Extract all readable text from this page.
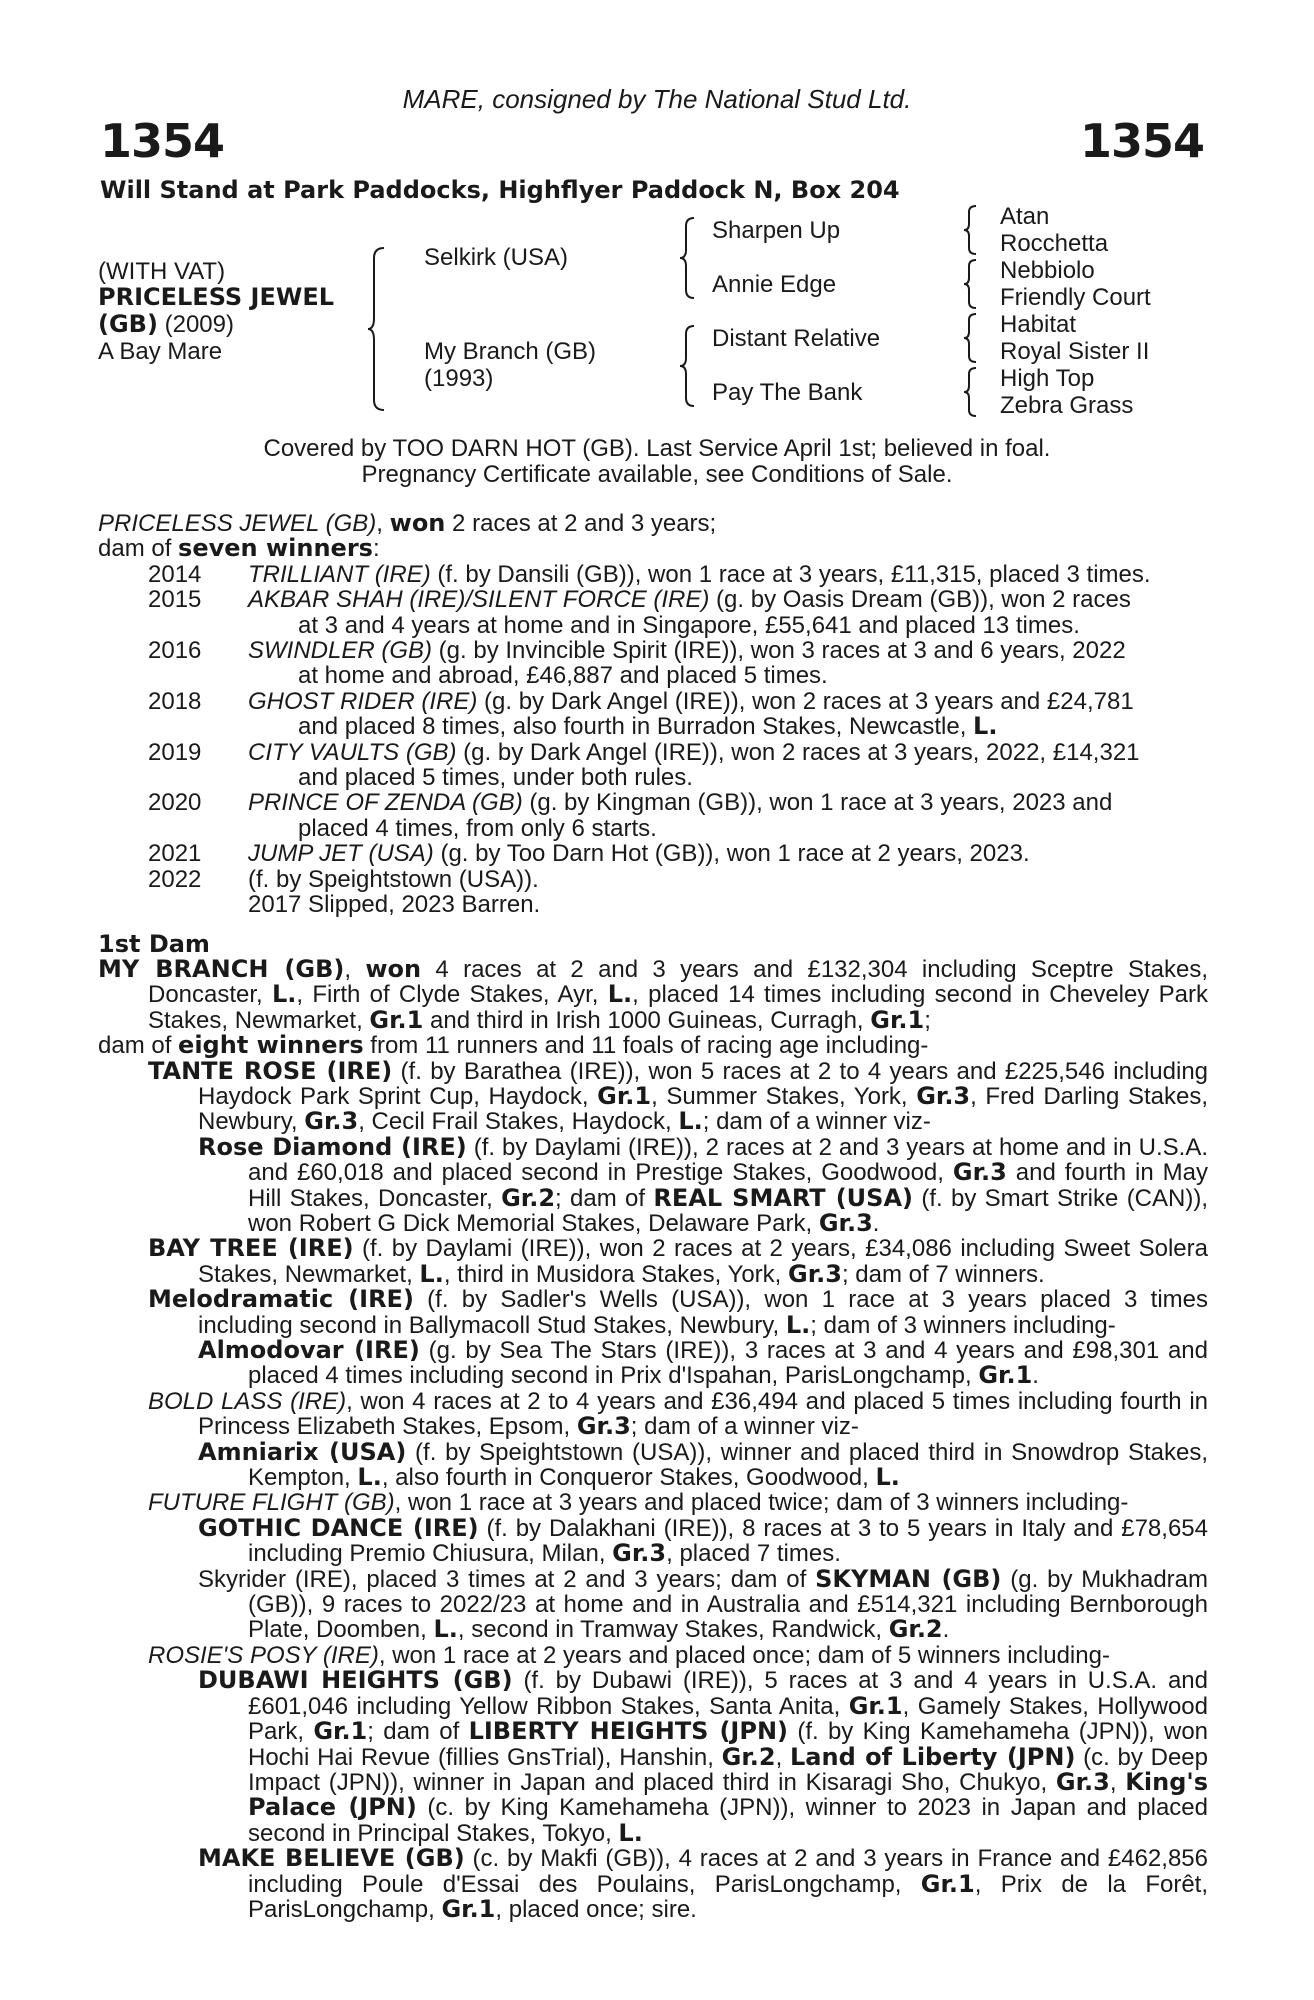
MARE, consigned by The National Stud Ltd.
1354	1354
Will Stand at Park Paddocks, Highflyer Paddock N, Box 204
(WITH VAT)
PRICELESS JEWEL
(GB) (2009)
A Bay Mare
Selkirk (USA)
My Branch (GB)
(1993)
Sharpen Up
Annie Edge
Distant Relative
Pay The Bank
Atan
Rocchetta
Nebbiolo
Friendly Court
Habitat
Royal Sister II
High Top
Zebra Grass
Covered by TOO DARN HOT (GB). Last Service April 1st; believed in foal.
Pregnancy Certificate available, see Conditions of Sale.
PRICELESS JEWEL (GB), won 2 races at 2 and 3 years;
dam of seven winners:
2014	TRILLIANT (IRE) (f. by Dansili (GB)), won 1 race at 3 years, £11,315, placed 3 times.
2015	AKBAR SHAH (IRE)/SILENT FORCE (IRE) (g. by Oasis Dream (GB)), won 2 races
at 3 and 4 years at home and in Singapore, £55,641 and placed 13 times.
2016	SWINDLER (GB) (g. by Invincible Spirit (IRE)), won 3 races at 3 and 6 years, 2022
at home and abroad, £46,887 and placed 5 times.
2018	GHOST RIDER (IRE) (g. by Dark Angel (IRE)), won 2 races at 3 years and £24,781
and placed 8 times, also fourth in Burradon Stakes, Newcastle, L.
2019	CITY VAULTS (GB) (g. by Dark Angel (IRE)), won 2 races at 3 years, 2022, £14,321
and placed 5 times, under both rules.
2020	PRINCE OF ZENDA (GB) (g. by Kingman (GB)), won 1 race at 3 years, 2023 and
placed 4 times, from only 6 starts.
2021	JUMP JET (USA) (g. by Too Darn Hot (GB)), won 1 race at 2 years, 2023.
2022	(f. by Speightstown (USA)).
2017 Slipped, 2023 Barren.
1st Dam
MY BRANCH (GB), won 4 races at 2 and 3 years and £132,304 including Sceptre Stakes, Doncaster, L., Firth of Clyde Stakes, Ayr, L., placed 14 times including second in Cheveley Park Stakes, Newmarket, Gr.1 and third in Irish 1000 Guineas, Curragh, Gr.1;
dam of eight winners from 11 runners and 11 foals of racing age including-
TANTE ROSE (IRE) (f. by Barathea (IRE)), won 5 races at 2 to 4 years and £225,546 including Haydock Park Sprint Cup, Haydock, Gr.1, Summer Stakes, York, Gr.3, Fred Darling Stakes, Newbury, Gr.3, Cecil Frail Stakes, Haydock, L.; dam of a winner viz-
Rose Diamond (IRE) (f. by Daylami (IRE)), 2 races at 2 and 3 years at home and in U.S.A. and £60,018 and placed second in Prestige Stakes, Goodwood, Gr.3 and fourth in May Hill Stakes, Doncaster, Gr.2; dam of REAL SMART (USA) (f. by Smart Strike (CAN)), won Robert G Dick Memorial Stakes, Delaware Park, Gr.3.
BAY TREE (IRE) (f. by Daylami (IRE)), won 2 races at 2 years, £34,086 including Sweet Solera Stakes, Newmarket, L., third in Musidora Stakes, York, Gr.3; dam of 7 winners.
Melodramatic (IRE) (f. by Sadler's Wells (USA)), won 1 race at 3 years placed 3 times including second in Ballymacoll Stud Stakes, Newbury, L.; dam of 3 winners including-
Almodovar (IRE) (g. by Sea The Stars (IRE)), 3 races at 3 and 4 years and £98,301 and placed 4 times including second in Prix d'Ispahan, ParisLongchamp, Gr.1.
BOLD LASS (IRE), won 4 races at 2 to 4 years and £36,494 and placed 5 times including fourth in Princess Elizabeth Stakes, Epsom, Gr.3; dam of a winner viz-
Amniarix (USA) (f. by Speightstown (USA)), winner and placed third in Snowdrop Stakes, Kempton, L., also fourth in Conqueror Stakes, Goodwood, L.
FUTURE FLIGHT (GB), won 1 race at 3 years and placed twice; dam of 3 winners including-
GOTHIC DANCE (IRE) (f. by Dalakhani (IRE)), 8 races at 3 to 5 years in Italy and £78,654 including Premio Chiusura, Milan, Gr.3, placed 7 times.
Skyrider (IRE), placed 3 times at 2 and 3 years; dam of SKYMAN (GB) (g. by Mukhadram (GB)), 9 races to 2022/23 at home and in Australia and £514,321 including Bernborough Plate, Doomben, L., second in Tramway Stakes, Randwick, Gr.2.
ROSIE'S POSY (IRE), won 1 race at 2 years and placed once; dam of 5 winners including-
DUBAWI HEIGHTS (GB) (f. by Dubawi (IRE)), 5 races at 3 and 4 years in U.S.A. and £601,046 including Yellow Ribbon Stakes, Santa Anita, Gr.1, Gamely Stakes, Hollywood Park, Gr.1; dam of LIBERTY HEIGHTS (JPN) (f. by King Kamehameha (JPN)), won Hochi Hai Revue (fillies GnsTrial), Hanshin, Gr.2, Land of Liberty (JPN) (c. by Deep Impact (JPN)), winner in Japan and placed third in Kisaragi Sho, Chukyo, Gr.3, King's Palace (JPN) (c. by King Kamehameha (JPN)), winner to 2023 in Japan and placed second in Principal Stakes, Tokyo, L.
MAKE BELIEVE (GB) (c. by Makfi (GB)), 4 races at 2 and 3 years in France and £462,856 including Poule d'Essai des Poulains, ParisLongchamp, Gr.1, Prix de la Forêt, ParisLongchamp, Gr.1, placed once; sire.
